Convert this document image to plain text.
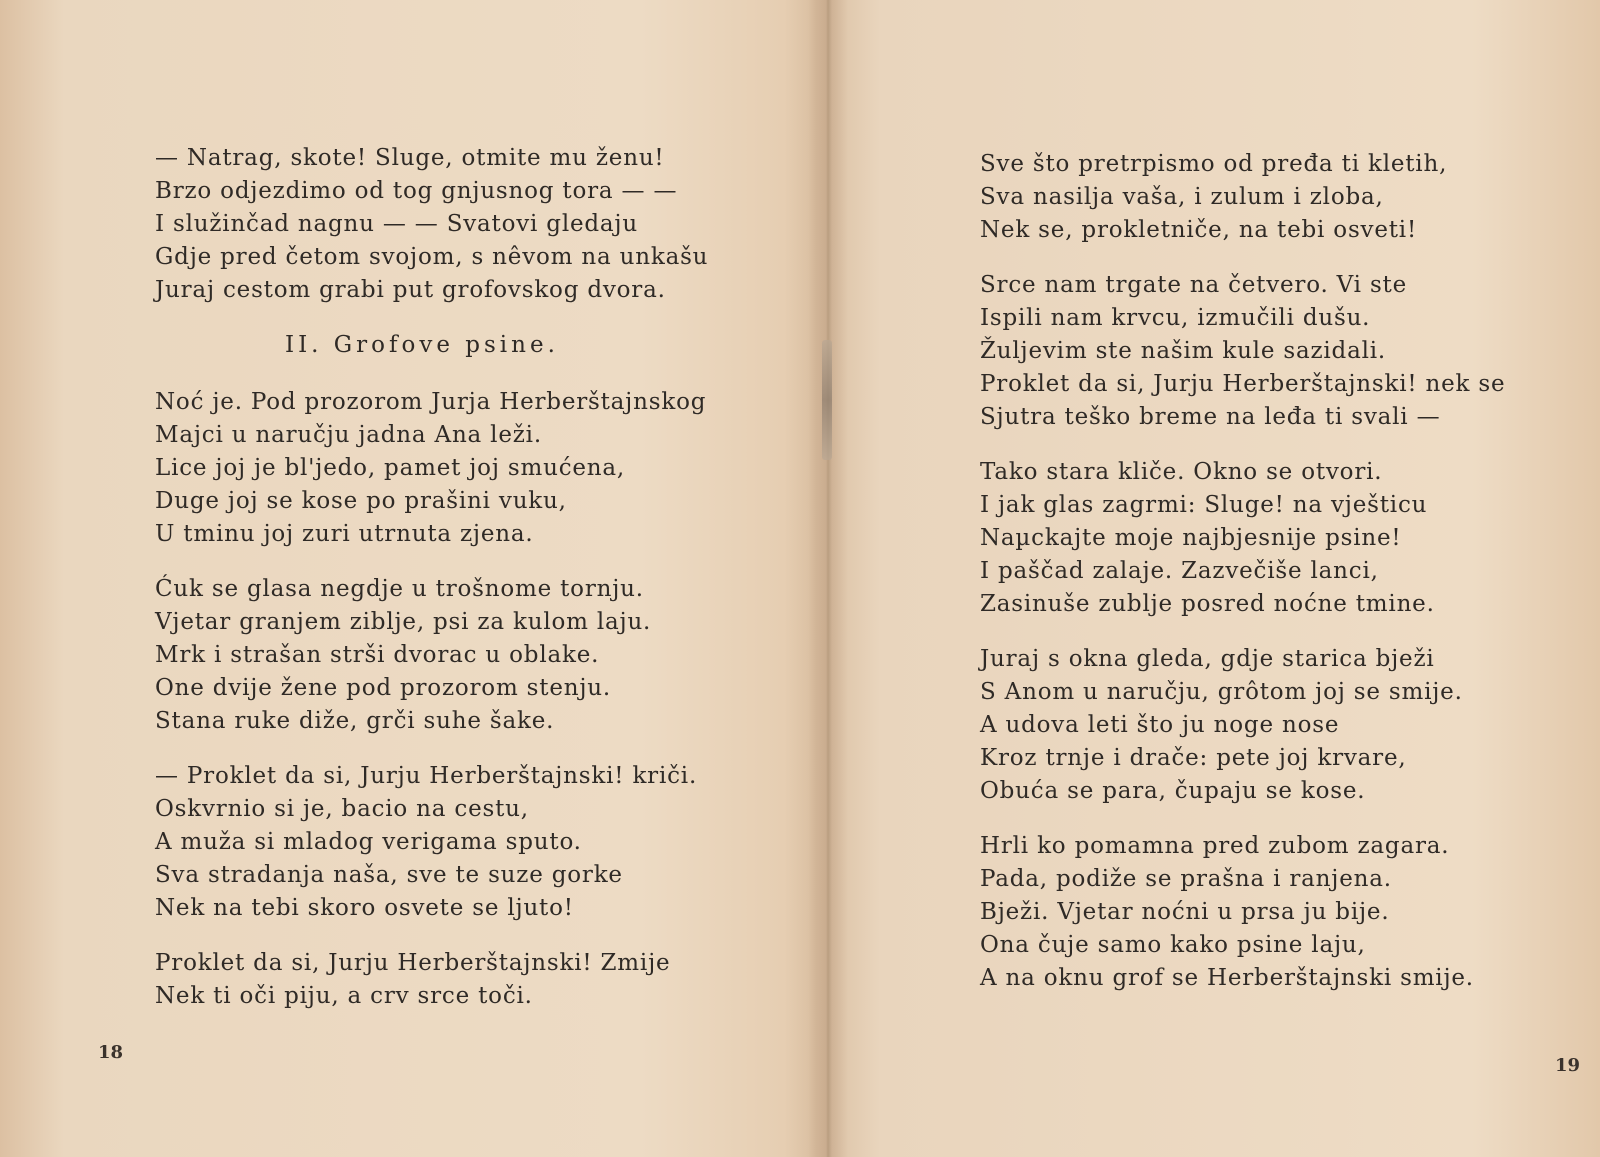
— Natrag, skote! Sluge, otmite mu ženu!
Brzo odjezdimo od tog gnjusnog tora — —
I služinčad nagnu — — Svatovi gledaju
Gdje pred četom svojom, s nêvom na unkašu
Juraj cestom grabi put grofovskog dvora.
II. Grofove psine.
Noć je. Pod prozorom Jurja Herberštajnskog
Majci u naručju jadna Ana leži.
Lice joj je bl'jedo, pamet joj smućena,
Duge joj se kose po prašini vuku,
U tminu joj zuri utrnuta zjena.
Ćuk se glasa negdje u trošnome tornju.
Vjetar granjem ziblje, psi za kulom laju.
Mrk i strašan strši dvorac u oblake.
One dvije žene pod prozorom stenju.
Stana ruke diže, grči suhe šake.
— Proklet da si, Jurju Herberštajnski! kriči.
Oskvrnio si je, bacio na cestu,
A muža si mladog verigama sputo.
Sva stradanja naša, sve te suze gorke
Nek na tebi skoro osvete se ljuto!
Proklet da si, Jurju Herberštajnski! Zmije
Nek ti oči piju, a crv srce toči.
18
Sve što pretrpismo od pređa ti kletih,
Sva nasilja vaša, i zulum i zloba,
Nek se, prokletniče, na tebi osveti!
Srce nam trgate na četvero. Vi ste
Ispili nam krvcu, izmučili dušu.
Žuljevim ste našim kule sazidali.
Proklet da si, Jurju Herberštajnski! nek se
Sjutra teško breme na leđa ti svali —
Tako stara kliče. Okno se otvori.
I jak glas zagrmi: Sluge! na vješticu
Naµckajte moje najbjesnije psine!
I paščad zalaje. Zazvečiše lanci,
Zasinuše zublje posred noćne tmine.
Juraj s okna gleda, gdje starica bježi
S Anom u naručju, grôtom joj se smije.
A udova leti što ju noge nose
Kroz trnje i drače: pete joj krvare,
Obuća se para, čupaju se kose.
Hrli ko pomamna pred zubom zagara.
Pada, podiže se prašna i ranjena.
Bježi. Vjetar noćni u prsa ju bije.
Ona čuje samo kako psine laju,
A na oknu grof se Herberštajnski smije.
19
